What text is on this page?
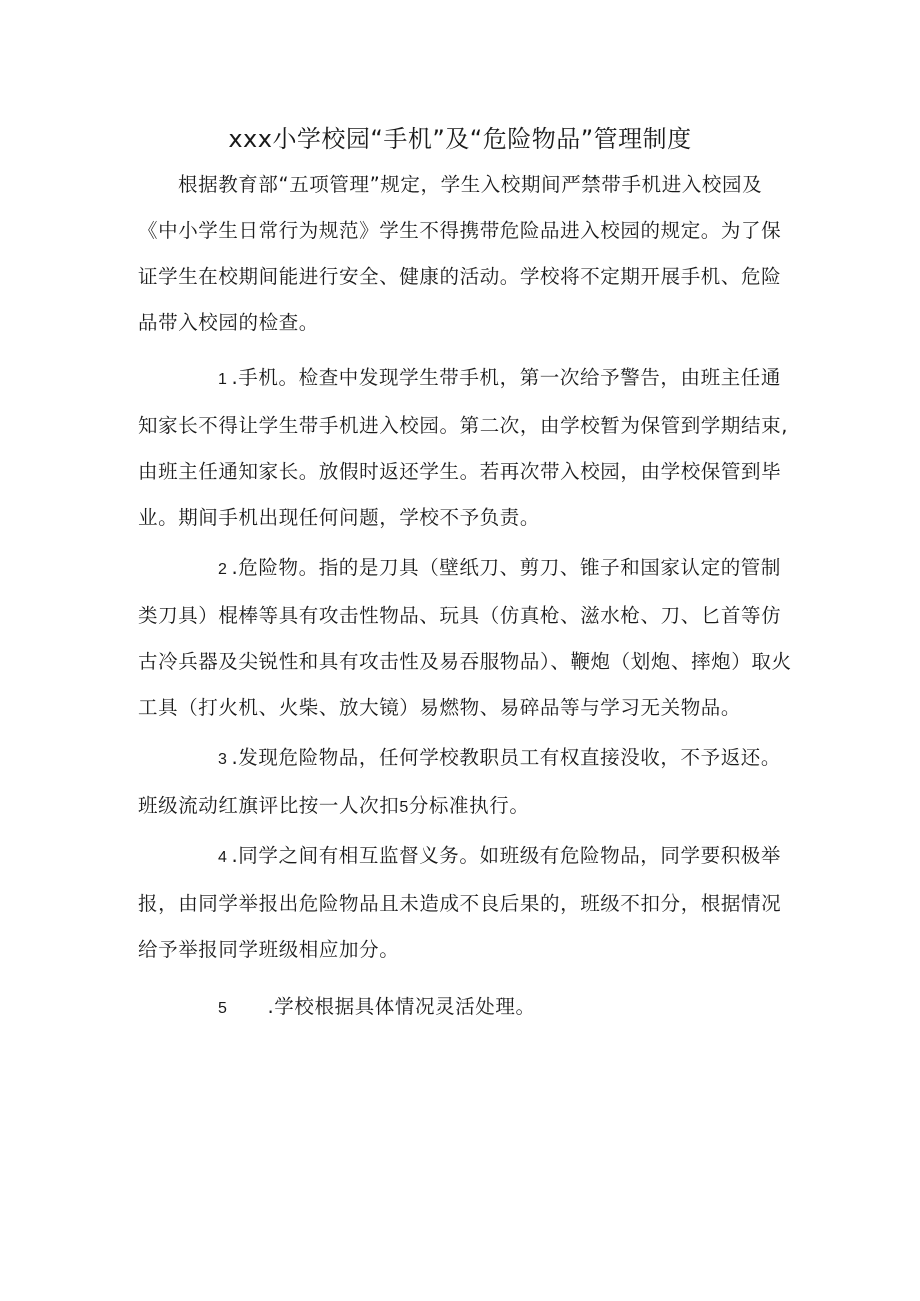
xxx小学校园“手机”及“危险物品”管理制度

根据教育部“五项管理”规定，学生入校期间严禁带手机进入校园及《中小学生日常行为规范》学生不得携带危险品进入校园的规定。为了保证学生在校期间能进行安全、健康的活动。学校将不定期开展手机、危险品带入校园的检查。

1 .手机。检查中发现学生带手机，第一次给予警告，由班主任通知家长不得让学生带手机进入校园。第二次，由学校暂为保管到学期结束,由班主任通知家长。放假时返还学生。若再次带入校园，由学校保管到毕业。期间手机出现任何问题，学校不予负责。

2 .危险物。指的是刀具（壁纸刀、剪刀、锥子和国家认定的管制类刀具）棍棒等具有攻击性物品、玩具（仿真枪、滋水枪、刀、匕首等仿古冷兵器及尖锐性和具有攻击性及易吞服物品）、鞭炮（划炮、摔炮）取火工具（打火机、火柴、放大镜）易燃物、易碎品等与学习无关物品。

3 .发现危险物品，任何学校教职员工有权直接没收，不予返还。班级流动红旗评比按一人次扣5分标准执行。

4 .同学之间有相互监督义务。如班级有危险物品，同学要积极举报，由同学举报出危险物品且未造成不良后果的，班级不扣分，根据情况给予举报同学班级相应加分。

5 .学校根据具体情况灵活处理。
